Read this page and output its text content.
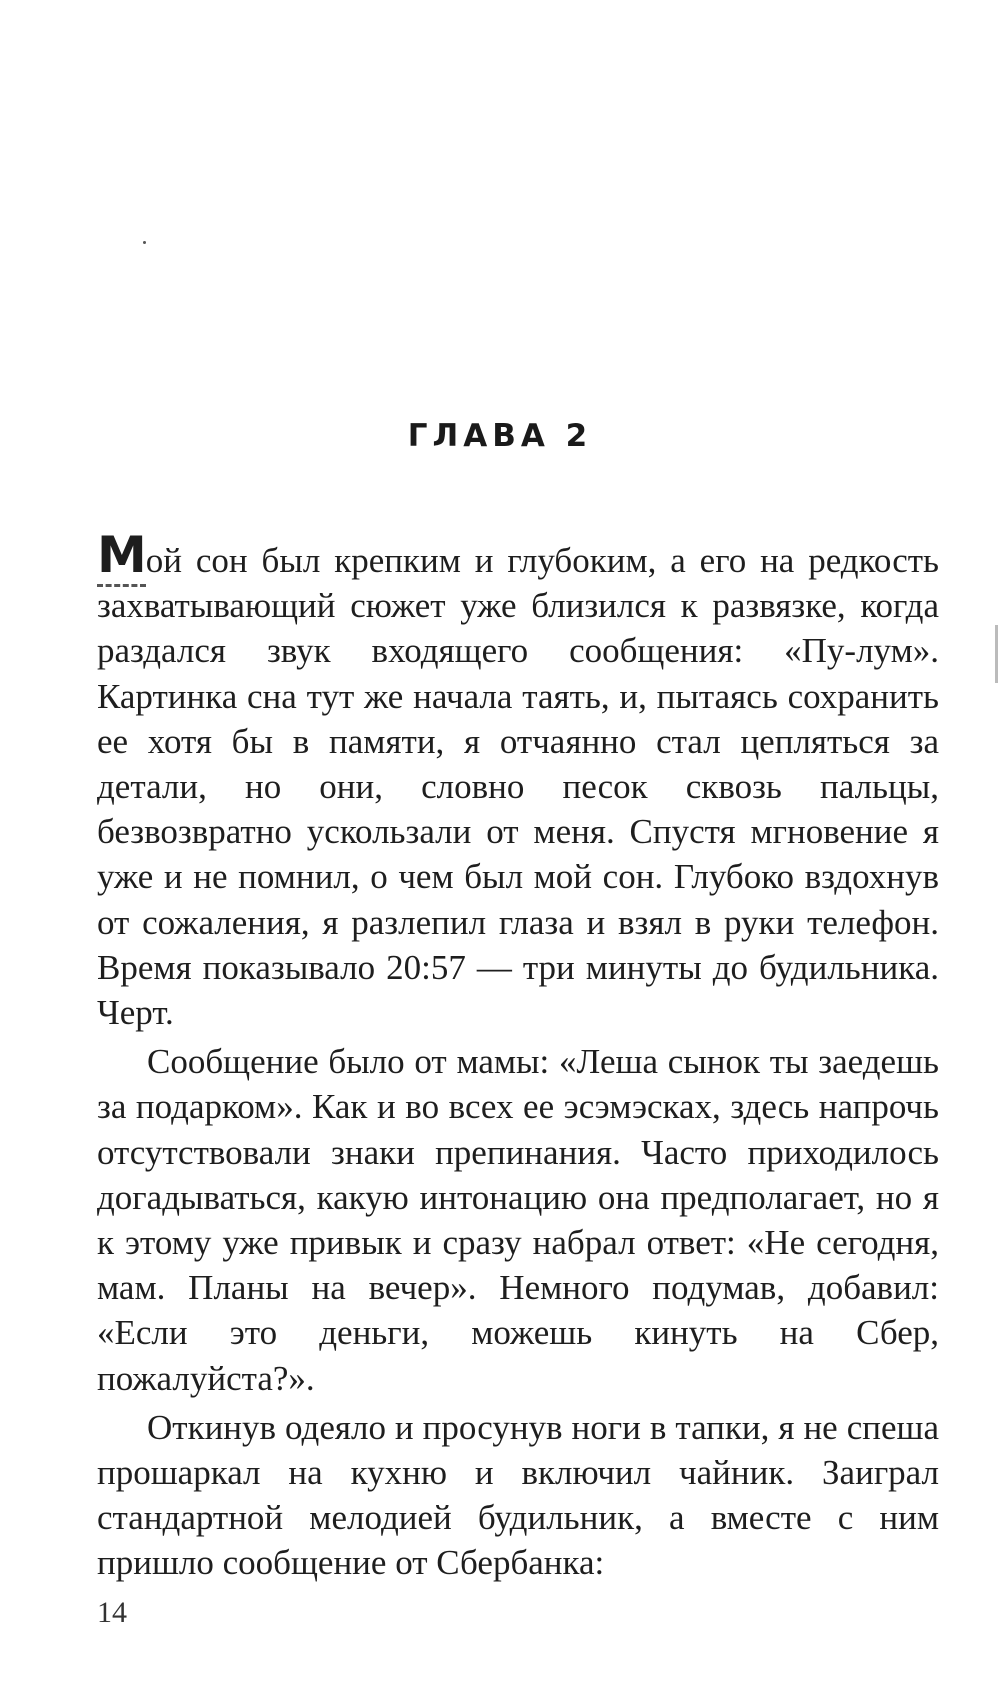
ГЛАВА 2

Мой сон был крепким и глубоким, а его на редкость захватывающий сюжет уже близился к развязке, когда раздался звук входящего сообщения: «Пу-лум». Картинка сна тут же начала таять, и, пытаясь сохранить ее хотя бы в памяти, я отчаянно стал цепляться за детали, но они, словно песок сквозь пальцы, безвозвратно ускользали от меня. Спустя мгновение я уже и не помнил, о чем был мой сон. Глубоко вздохнув от сожаления, я разлепил глаза и взял в руки телефон. Время показывало 20:57 — три минуты до будильника. Черт.

Сообщение было от мамы: «Леша сынок ты заедешь за подарком». Как и во всех ее эсэмэсках, здесь напрочь отсутствовали знаки препинания. Часто приходилось догадываться, какую интонацию она предполагает, но я к этому уже привык и сразу набрал ответ: «Не сегодня, мам. Планы на вечер». Немного подумав, добавил: «Если это деньги, можешь кинуть на Сбер, пожалуйста?».

Откинув одеяло и просунув ноги в тапки, я не спеша прошаркал на кухню и включил чайник. Заиграл стандартной мелодией будильник, а вместе с ним пришло сообщение от Сбербанка:

14
